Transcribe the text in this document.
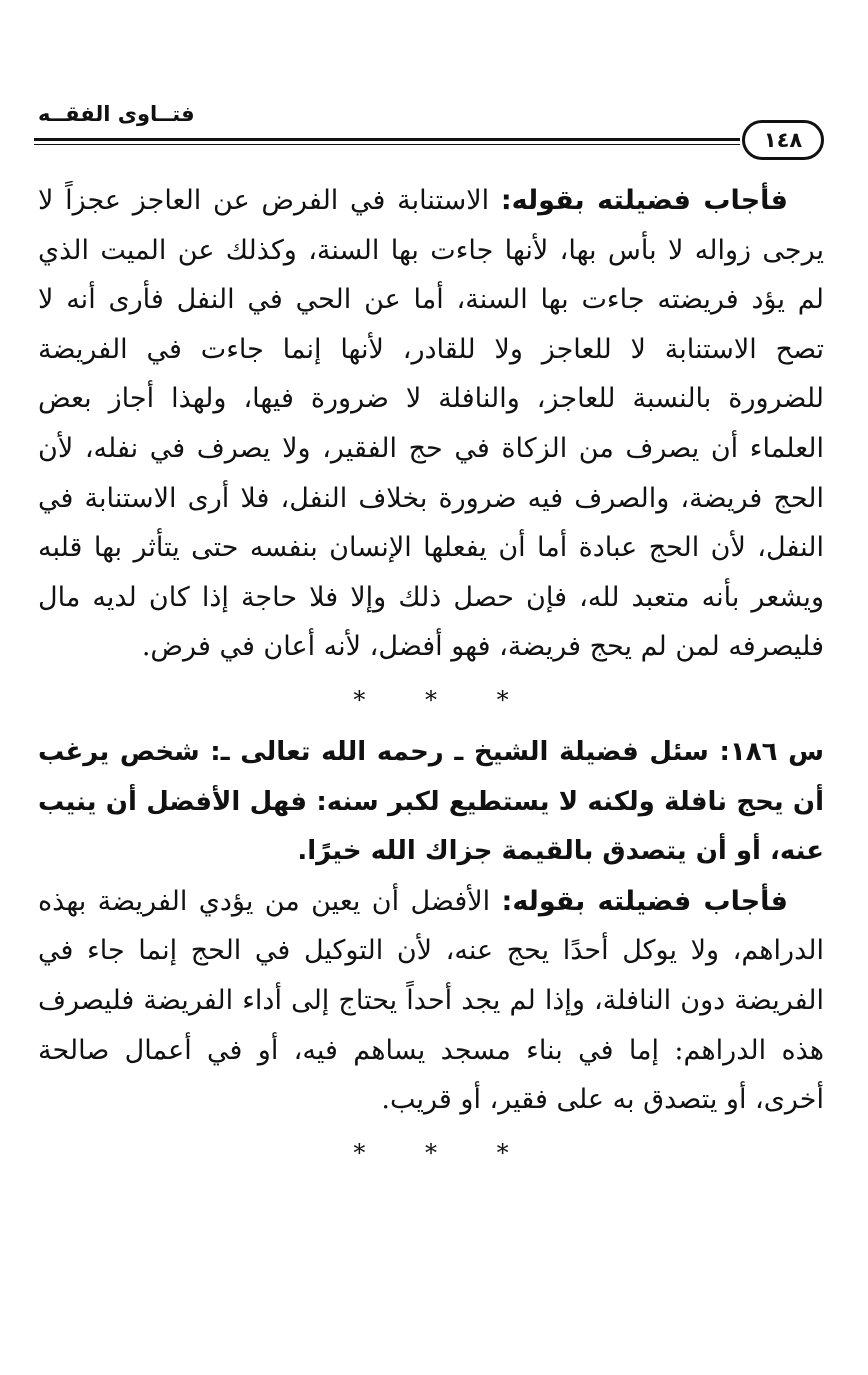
فتــاوى الفقــه
١٤٨

فأجاب فضيلته بقوله: الاستنابة في الفرض عن العاجز عجزاً لا يرجى زواله لا بأس بها، لأنها جاءت بها السنة، وكذلك عن الميت الذي لم يؤد فريضته جاءت بها السنة، أما عن الحي في النفل فأرى أنه لا تصح الاستنابة لا للعاجز ولا للقادر، لأنها إنما جاءت في الفريضة للضرورة بالنسبة للعاجز، والنافلة لا ضرورة فيها، ولهذا أجاز بعض العلماء أن يصرف من الزكاة في حج الفقير، ولا يصرف في نفله، لأن الحج فريضة، والصرف فيه ضرورة بخلاف النفل، فلا أرى الاستنابة في النفل، لأن الحج عبادة أما أن يفعلها الإنسان بنفسه حتى يتأثر بها قلبه ويشعر بأنه متعبد لله، فإن حصل ذلك وإلا فلا حاجة إذا كان لديه مال فليصرفه لمن لم يحج فريضة، فهو أفضل، لأنه أعان في فرض.

* * *

س ١٨٦: سئل فضيلة الشيخ ـ رحمه الله تعالى ـ: شخص يرغب أن يحج نافلة ولكنه لا يستطيع لكبر سنه: فهل الأفضل أن ينيب عنه، أو أن يتصدق بالقيمة جزاك الله خيرًا.

فأجاب فضيلته بقوله: الأفضل أن يعين من يؤدي الفريضة بهذه الدراهم، ولا يوكل أحدًا يحج عنه، لأن التوكيل في الحج إنما جاء في الفريضة دون النافلة، وإذا لم يجد أحداً يحتاج إلى أداء الفريضة فليصرف هذه الدراهم: إما في بناء مسجد يساهم فيه، أو في أعمال صالحة أخرى، أو يتصدق به على فقير، أو قريب.

* * *
